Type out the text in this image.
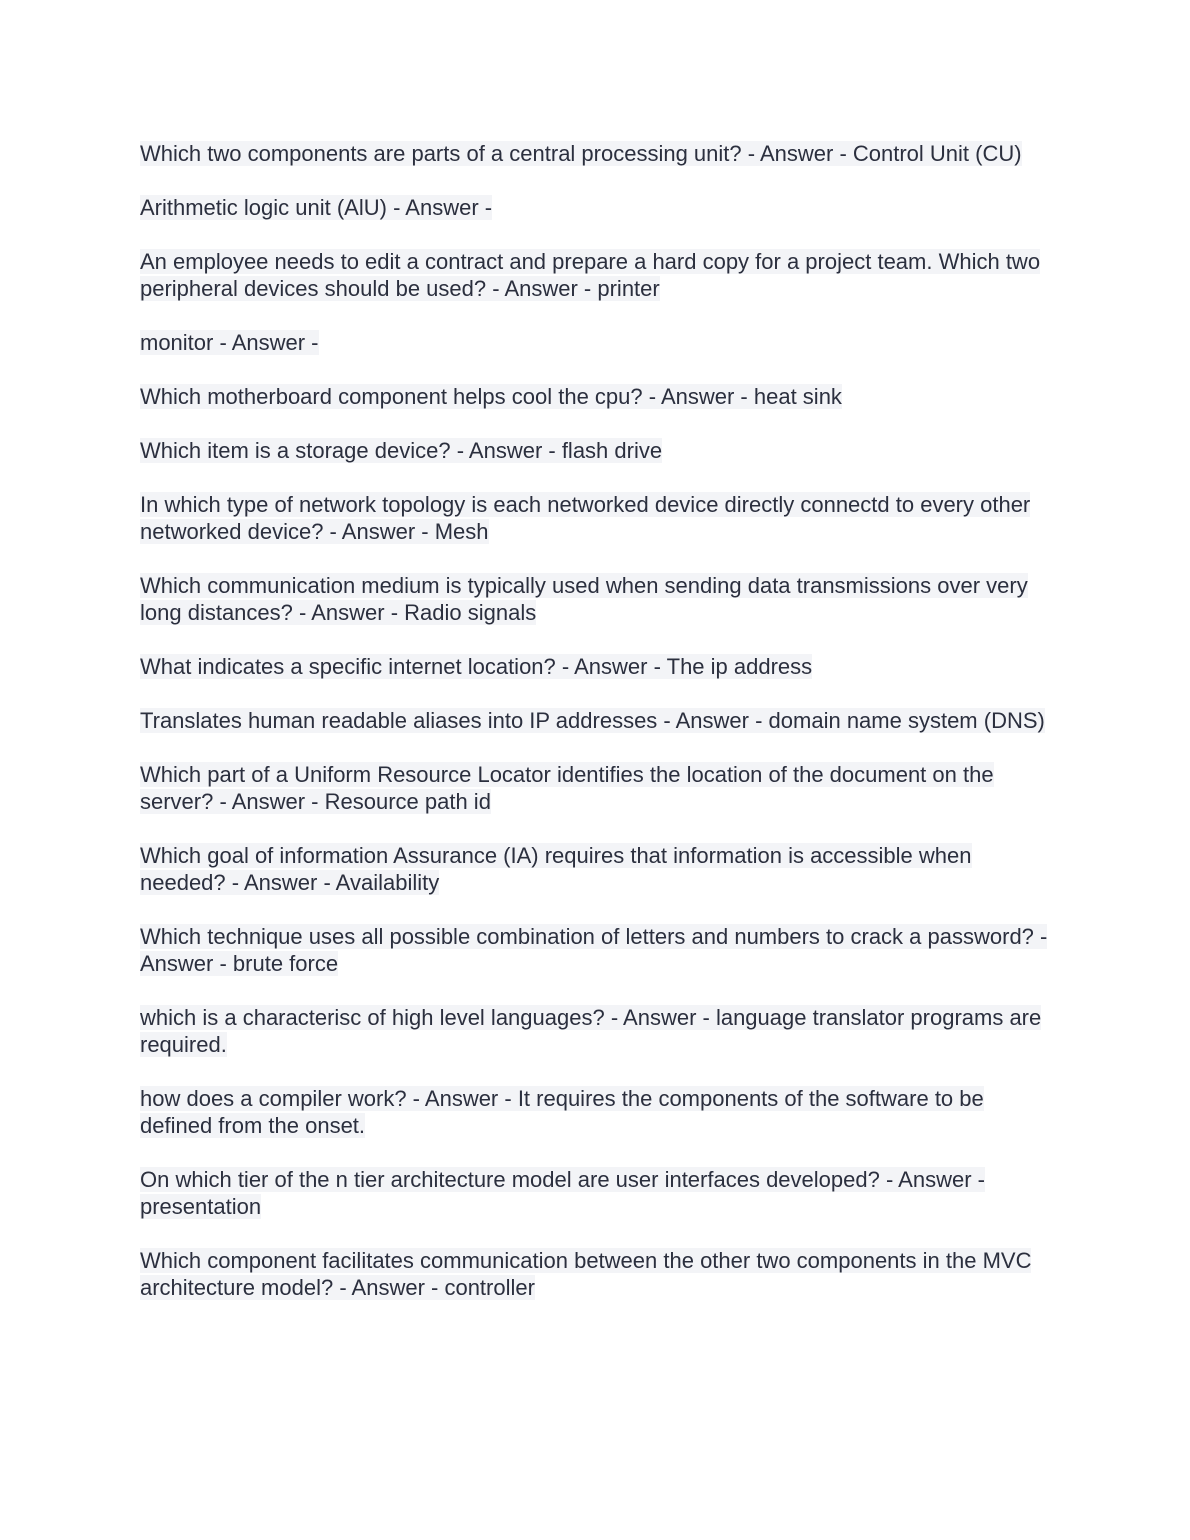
Which two components are parts of a central processing unit? - Answer - Control Unit (CU)

Arithmetic logic unit (AlU) - Answer -

An employee needs to edit a contract and prepare a hard copy for a project team. Which two peripheral devices should be used? - Answer - printer

monitor - Answer -

Which motherboard component helps cool the cpu? - Answer - heat sink

Which item is a storage device? - Answer - flash drive

In which type of network topology is each networked device directly connectd to every other networked device? - Answer - Mesh

Which communication medium is typically used when sending data transmissions over very long distances? - Answer - Radio signals

What indicates a specific internet location? - Answer - The ip address

Translates human readable aliases into IP addresses - Answer - domain name system (DNS)

Which part of a Uniform Resource Locator identifies the location of the document on the server? - Answer - Resource path id

Which goal of information Assurance (IA) requires that information is accessible when needed? - Answer - Availability

Which technique uses all possible combination of letters and numbers to crack a password? - Answer - brute force

which is a characterisc of high level languages? - Answer - language translator programs are required.

how does a compiler work? - Answer - It requires the components of the software to be defined from the onset.

On which tier of the n tier architecture model are user interfaces developed? - Answer - presentation

Which component facilitates communication between the other two components in the MVC architecture model? - Answer - controller
